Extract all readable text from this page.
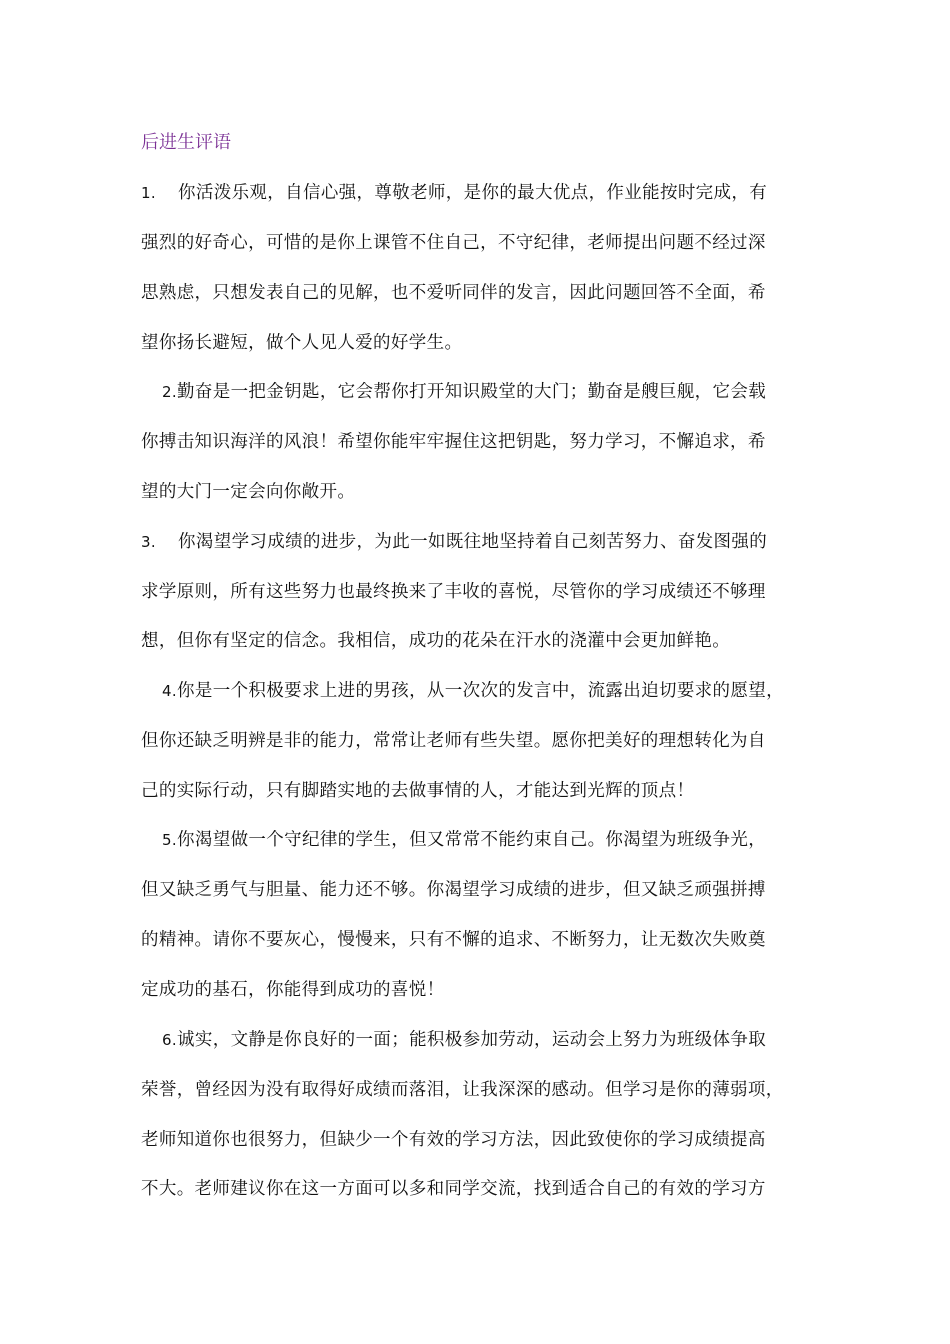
后进生评语
1. 你活泼乐观，自信心强，尊敬老师，是你的最大优点，作业能按时完成，有
强烈的好奇心，可惜的是你上课管不住自己，不守纪律，老师提出问题不经过深
思熟虑，只想发表自己的见解，也不爱听同伴的发言，因此问题回答不全面，希
望你扬长避短，做个人见人爱的好学生。
2.勤奋是一把金钥匙，它会帮你打开知识殿堂的大门；勤奋是艘巨舰，它会载
你搏击知识海洋的风浪！希望你能牢牢握住这把钥匙，努力学习，不懈追求，希
望的大门一定会向你敞开。
3. 你渴望学习成绩的进步，为此一如既往地坚持着自己刻苦努力、奋发图强的
求学原则，所有这些努力也最终换来了丰收的喜悦，尽管你的学习成绩还不够理
想，但你有坚定的信念。我相信，成功的花朵在汗水的浇灌中会更加鲜艳。
4.你是一个积极要求上进的男孩，从一次次的发言中，流露出迫切要求的愿望，
但你还缺乏明辨是非的能力，常常让老师有些失望。愿你把美好的理想转化为自
己的实际行动，只有脚踏实地的去做事情的人，才能达到光辉的顶点！
5.你渴望做一个守纪律的学生，但又常常不能约束自己。你渴望为班级争光，
但又缺乏勇气与胆量、能力还不够。你渴望学习成绩的进步，但又缺乏顽强拼搏
的精神。请你不要灰心，慢慢来，只有不懈的追求、不断努力，让无数次失败奠
定成功的基石，你能得到成功的喜悦！
6.诚实，文静是你良好的一面；能积极参加劳动，运动会上努力为班级体争取
荣誉，曾经因为没有取得好成绩而落泪，让我深深的感动。但学习是你的薄弱项，
老师知道你也很努力，但缺少一个有效的学习方法，因此致使你的学习成绩提高
不大。老师建议你在这一方面可以多和同学交流，找到适合自己的有效的学习方
